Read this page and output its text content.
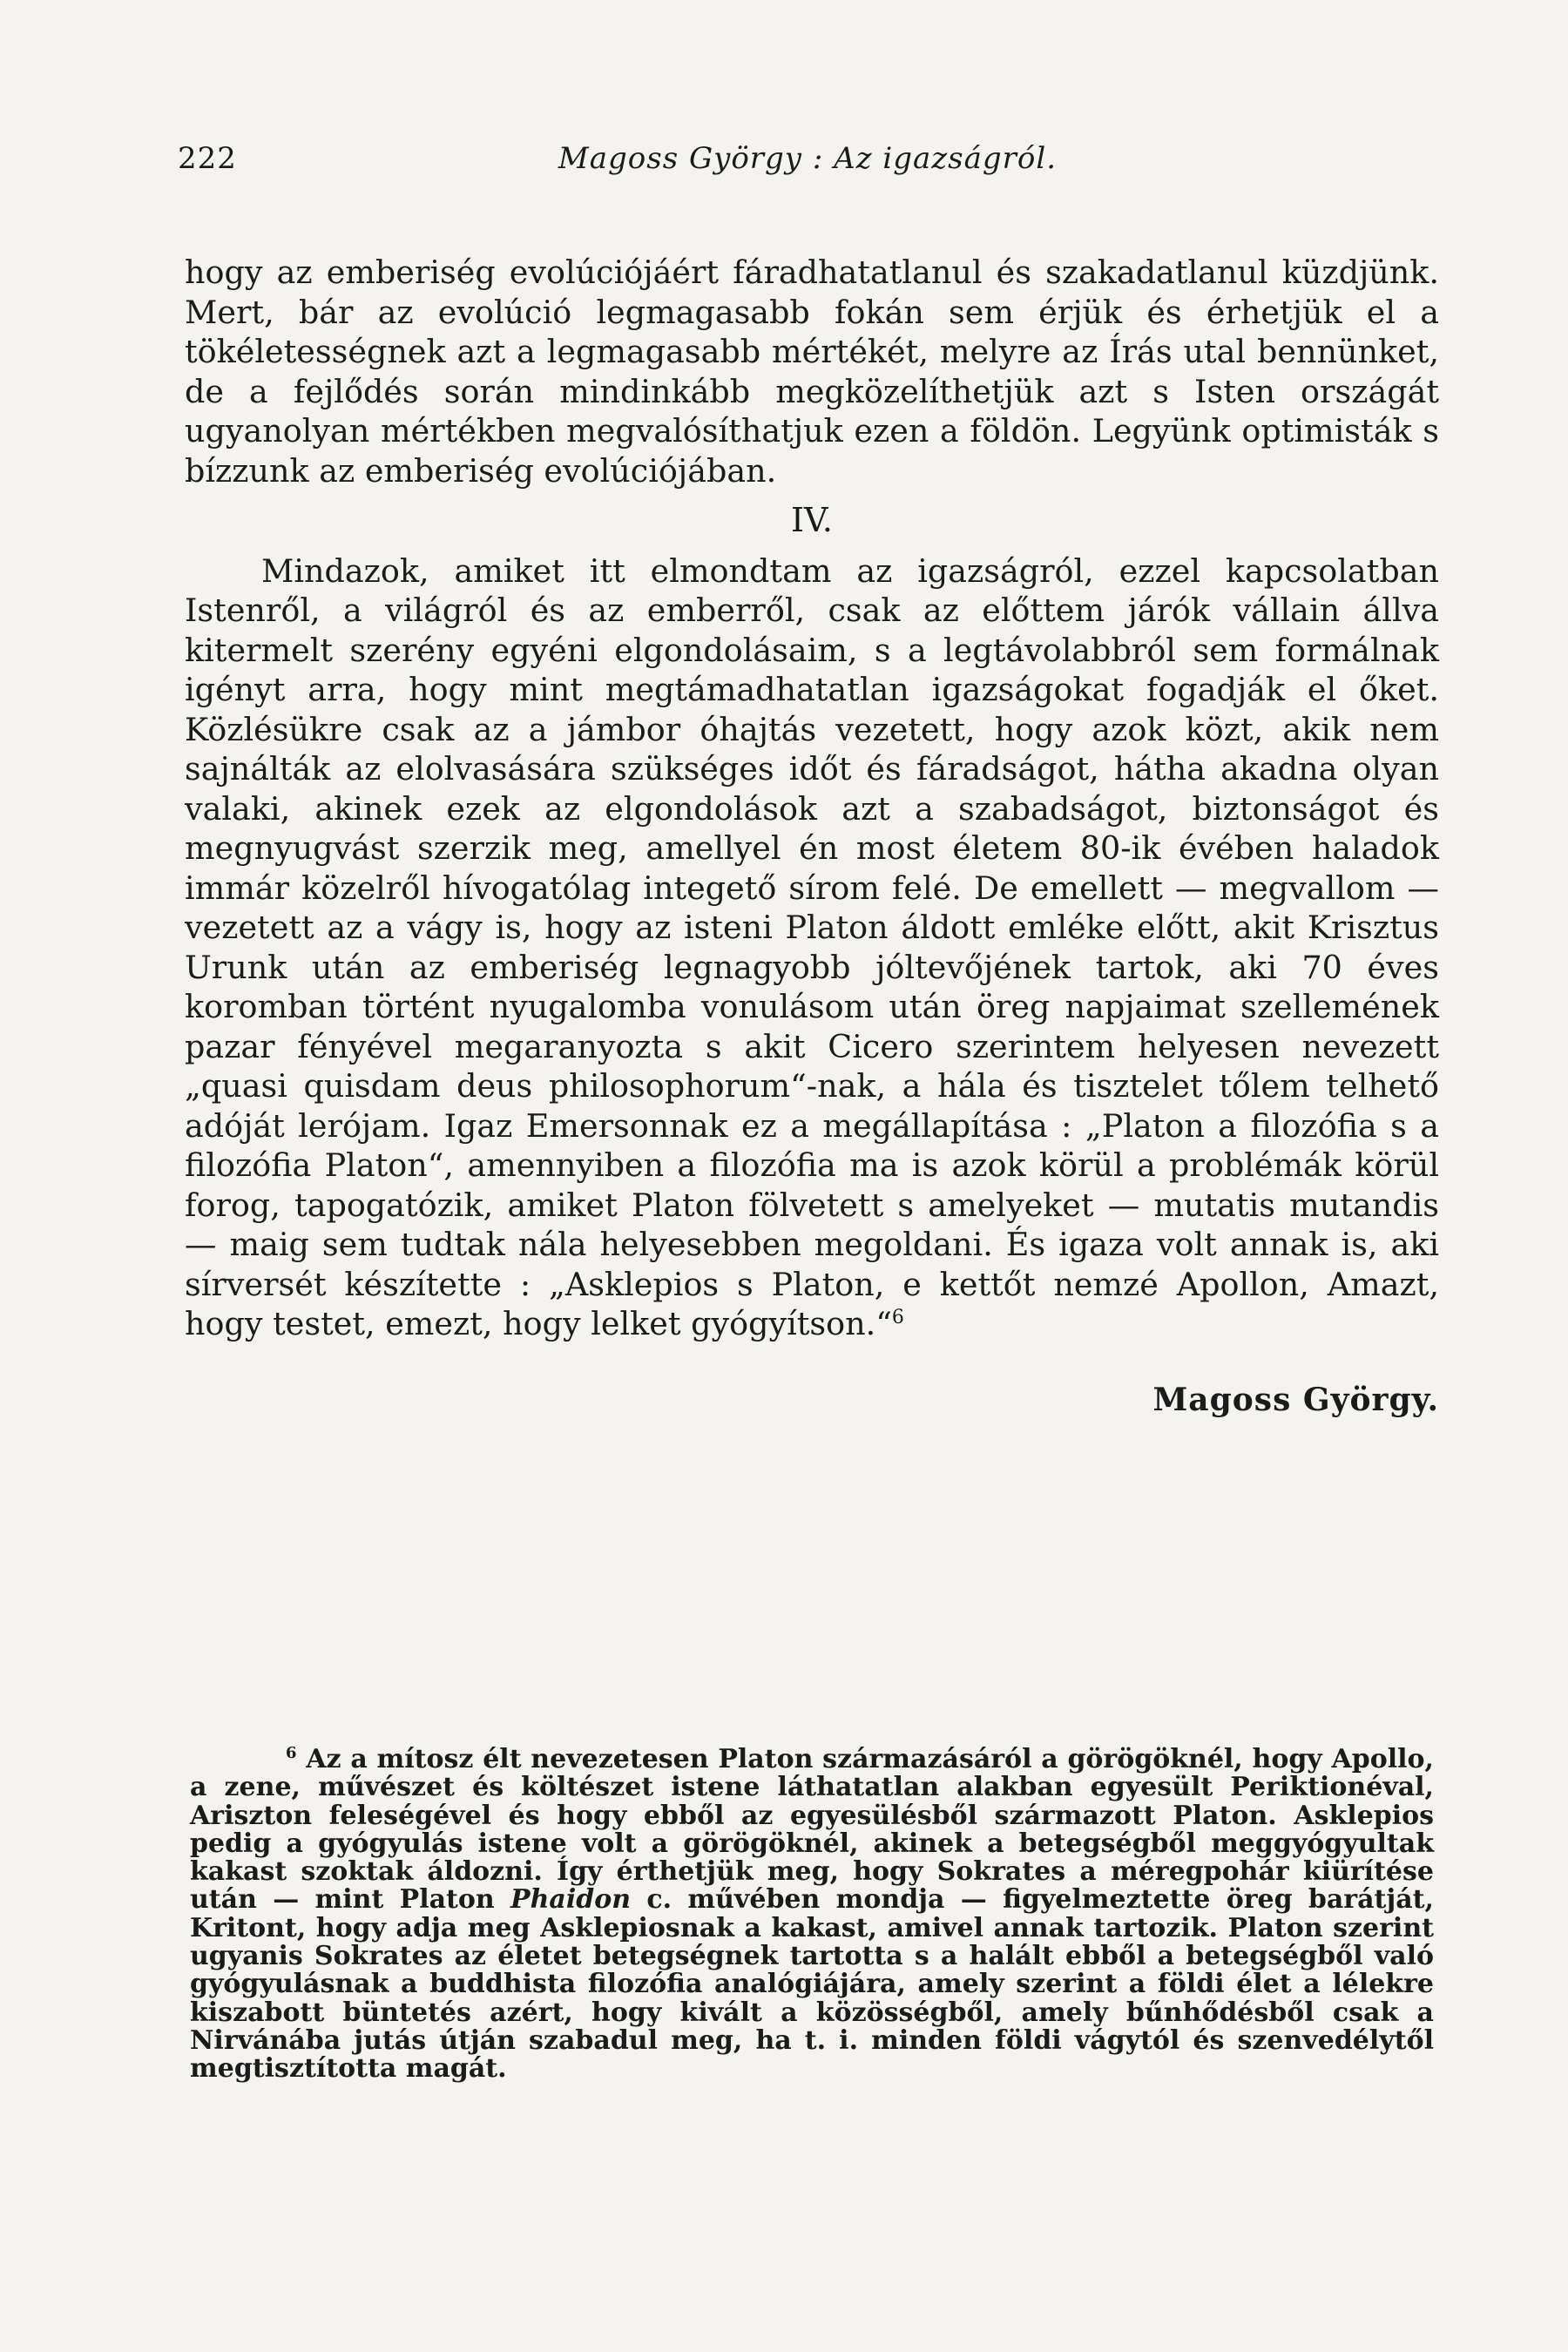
222	Magoss György : Az igazságról.

hogy az emberiség evolúciójáért fáradhatatlanul és szakadatlanul küzdjünk. Mert, bár az evolúció legmagasabb fokán sem érjük és érhetjük el a tökéletességnek azt a legmagasabb mértékét, melyre az Írás utal bennünket, de a fejlődés során mindinkább megközelíthetjük azt s Isten országát ugyanolyan mértékben megvalósíthatjuk ezen a földön. Legyünk optimisták s bízzunk az emberiség evolúciójában.

IV.

Mindazok, amiket itt elmondtam az igazságról, ezzel kapcsolatban Istenről, a világról és az emberről, csak az előttem járók vállain állva kitermelt szerény egyéni elgondolásaim, s a legtávolabbról sem formálnak igényt arra, hogy mint megtámadhatatlan igazságokat fogadják el őket. Közlésükre csak az a jámbor óhajtás vezetett, hogy azok közt, akik nem sajnálták az elolvasására szükséges időt és fáradságot, hátha akadna olyan valaki, akinek ezek az elgondolások azt a szabadságot, biztonságot és megnyugvást szerzik meg, amellyel én most életem 80-ik évében haladok immár közelről hívogatólag integető sírom felé. De emellett — megvallom — vezetett az a vágy is, hogy az isteni Platon áldott emléke előtt, akit Krisztus Urunk után az emberiség legnagyobb jóltevőjének tartok, aki 70 éves koromban történt nyugalomba vonulásom után öreg napjaimat szellemének pazar fényével megaranyozta s akit Cicero szerintem helyesen nevezett „quasi quisdam deus philosophorum“-nak, a hála és tisztelet tőlem telhető adóját lerójam. Igaz Emersonnak ez a megállapítása : „Platon a filozófia s a filozófia Platon“, amennyiben a filozófia ma is azok körül a problémák körül forog, tapogatózik, amiket Platon fölvetett s amelyeket — mutatis mutandis — maig sem tudtak nála helyesebben megoldani. És igaza volt annak is, aki sírversét készítette : „Asklepios s Platon, e kettőt nemzé Apollon, Amazt, hogy testet, emezt, hogy lelket gyógyítson.“$^6$

Magoss György.

$^6$ Az a mítosz élt nevezetesen Platon származásáról a görögöknél, hogy Apollo, a zene, művészet és költészet istene láthatatlan alakban egyesült Periktionéval, Ariszton feleségével és hogy ebből az egyesülésből származott Platon. Asklepios pedig a gyógyulás istene volt a görögöknél, akinek a betegségből meggyógyultak kakast szoktak áldozni. Így érthetjük meg, hogy Sokrates a méregpohár kiürítése után — mint Platon Phaidon c. művében mondja — figyelmeztette öreg barátját, Kritont, hogy adja meg Asklepiosnak a kakast, amivel annak tartozik. Platon szerint ugyanis Sokrates az életet betegségnek tartotta s a halált ebből a betegségből való gyógyulásnak a buddhista filozófia analógiájára, amely szerint a földi élet a lélekre kiszabott büntetés azért, hogy kivált a közösségből, amely bűnhődésből csak a Nirvánába jutás útján szabadul meg, ha t. i. minden földi vágytól és szenvedélytől megtisztította magát.
